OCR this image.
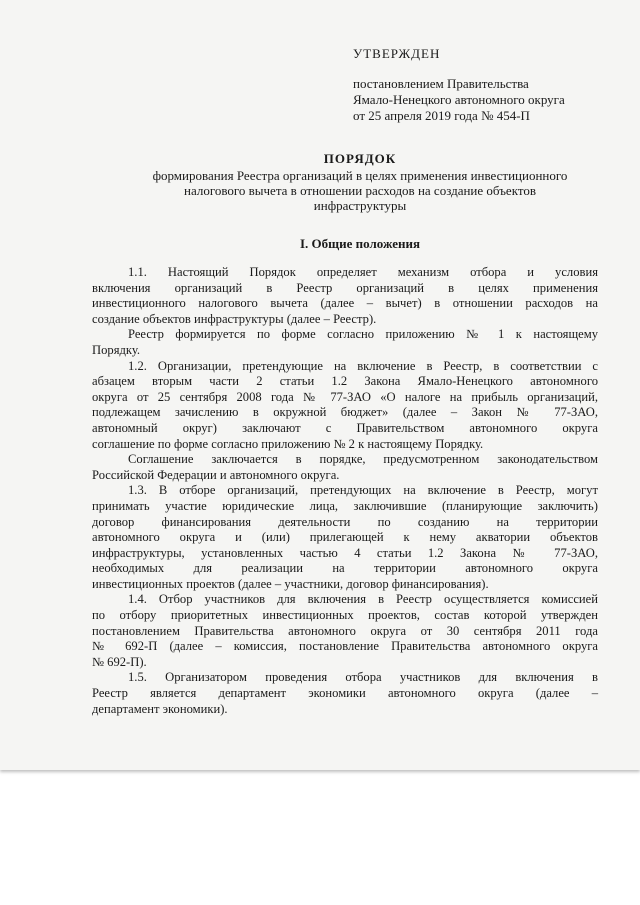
УТВЕРЖДЕН
постановлением Правительства
Ямало-Ненецкого автономного округа
от 25 апреля 2019 года № 454-П
ПОРЯДОК
формирования Реестра организаций в целях применения инвестиционного
налогового вычета в отношении расходов на создание объектов
инфраструктуры
I. Общие положения
1.1. Настоящий Порядок определяет механизм отбора и условия
включения организаций в Реестр организаций в целях применения
инвестиционного налогового вычета (далее – вычет) в отношении расходов на
создание объектов инфраструктуры (далее – Реестр).
Реестр формируется по форме согласно приложению № 1 к настоящему
Порядку.
1.2. Организации, претендующие на включение в Реестр, в соответствии с
абзацем вторым части 2 статьи 1.2 Закона Ямало-Ненецкого автономного
округа от 25 сентября 2008 года № 77-ЗАО «О налоге на прибыль организаций,
подлежащем зачислению в окружной бюджет» (далее – Закон № 77-ЗАО,
автономный округ) заключают с Правительством автономного округа
соглашение по форме согласно приложению № 2 к настоящему Порядку.
Соглашение заключается в порядке, предусмотренном законодательством
Российской Федерации и автономного округа.
1.3. В отборе организаций, претендующих на включение в Реестр, могут
принимать участие юридические лица, заключившие (планирующие заключить)
договор финансирования деятельности по созданию на территории
автономного округа и (или) прилегающей к нему акватории объектов
инфраструктуры, установленных частью 4 статьи 1.2 Закона № 77-ЗАО,
необходимых для реализации на территории автономного округа
инвестиционных проектов (далее – участники, договор финансирования).
1.4. Отбор участников для включения в Реестр осуществляется комиссией
по отбору приоритетных инвестиционных проектов, состав которой утвержден
постановлением Правительства автономного округа от 30 сентября 2011 года
№ 692-П (далее – комиссия, постановление Правительства автономного округа
№ 692-П).
1.5. Организатором проведения отбора участников для включения в
Реестр является департамент экономики автономного округа (далее –
департамент экономики).
